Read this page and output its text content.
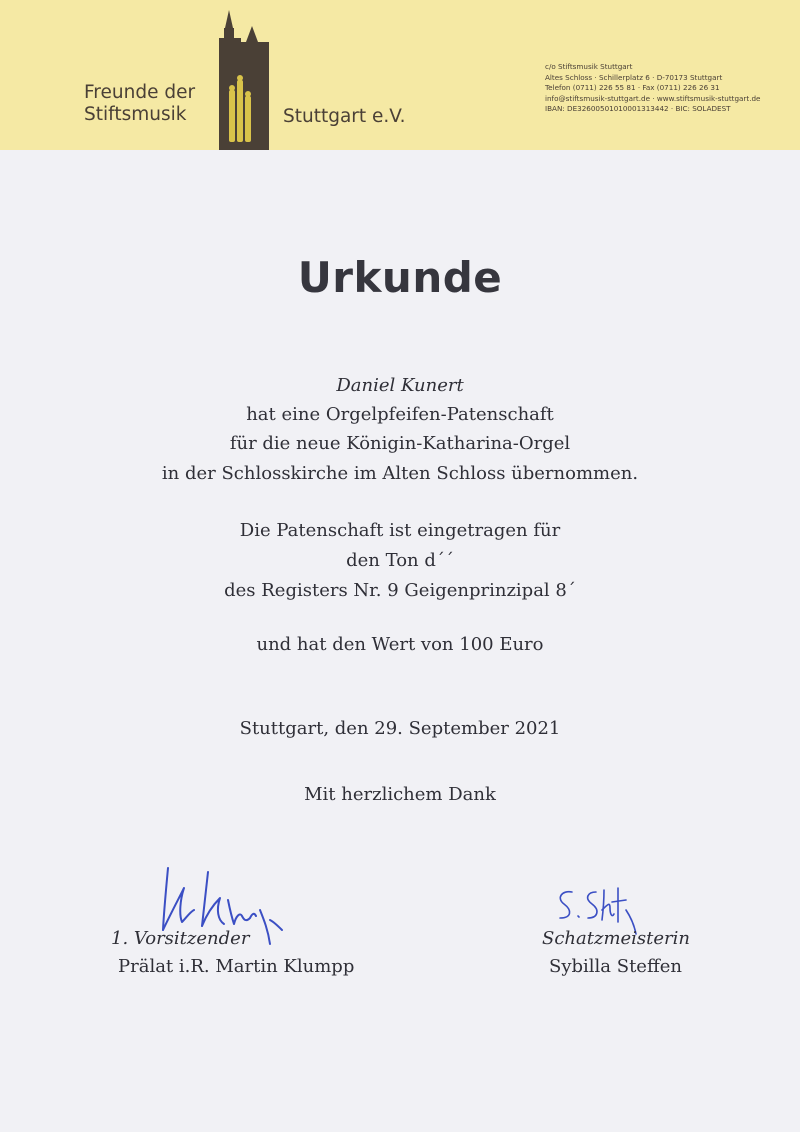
Freunde der
Stiftsmusik	Stuttgart e.V.
c/o Stiftsmusik Stuttgart
Altes Schloss · Schillerplatz 6 · D-70173 Stuttgart
Telefon (0711) 226 55 81 · Fax (0711) 226 26 31
info@stiftsmusik-stuttgart.de · www.stiftsmusik-stuttgart.de
IBAN: DE32600501010001313442 · BIC: SOLADEST
Urkunde
Daniel Kunert
hat eine Orgelpfeifen-Patenschaft
für die neue Königin-Katharina-Orgel
in der Schlosskirche im Alten Schloss übernommen.
Die Patenschaft ist eingetragen für
den Ton d´´
des Registers Nr. 9 Geigenprinzipal 8´
und hat den Wert von 100 Euro
Stuttgart, den 29. September 2021
Mit herzlichem Dank
1. Vorsitzender
Prälat i.R. Martin Klumpp
Schatzmeisterin
Sybilla Steffen
